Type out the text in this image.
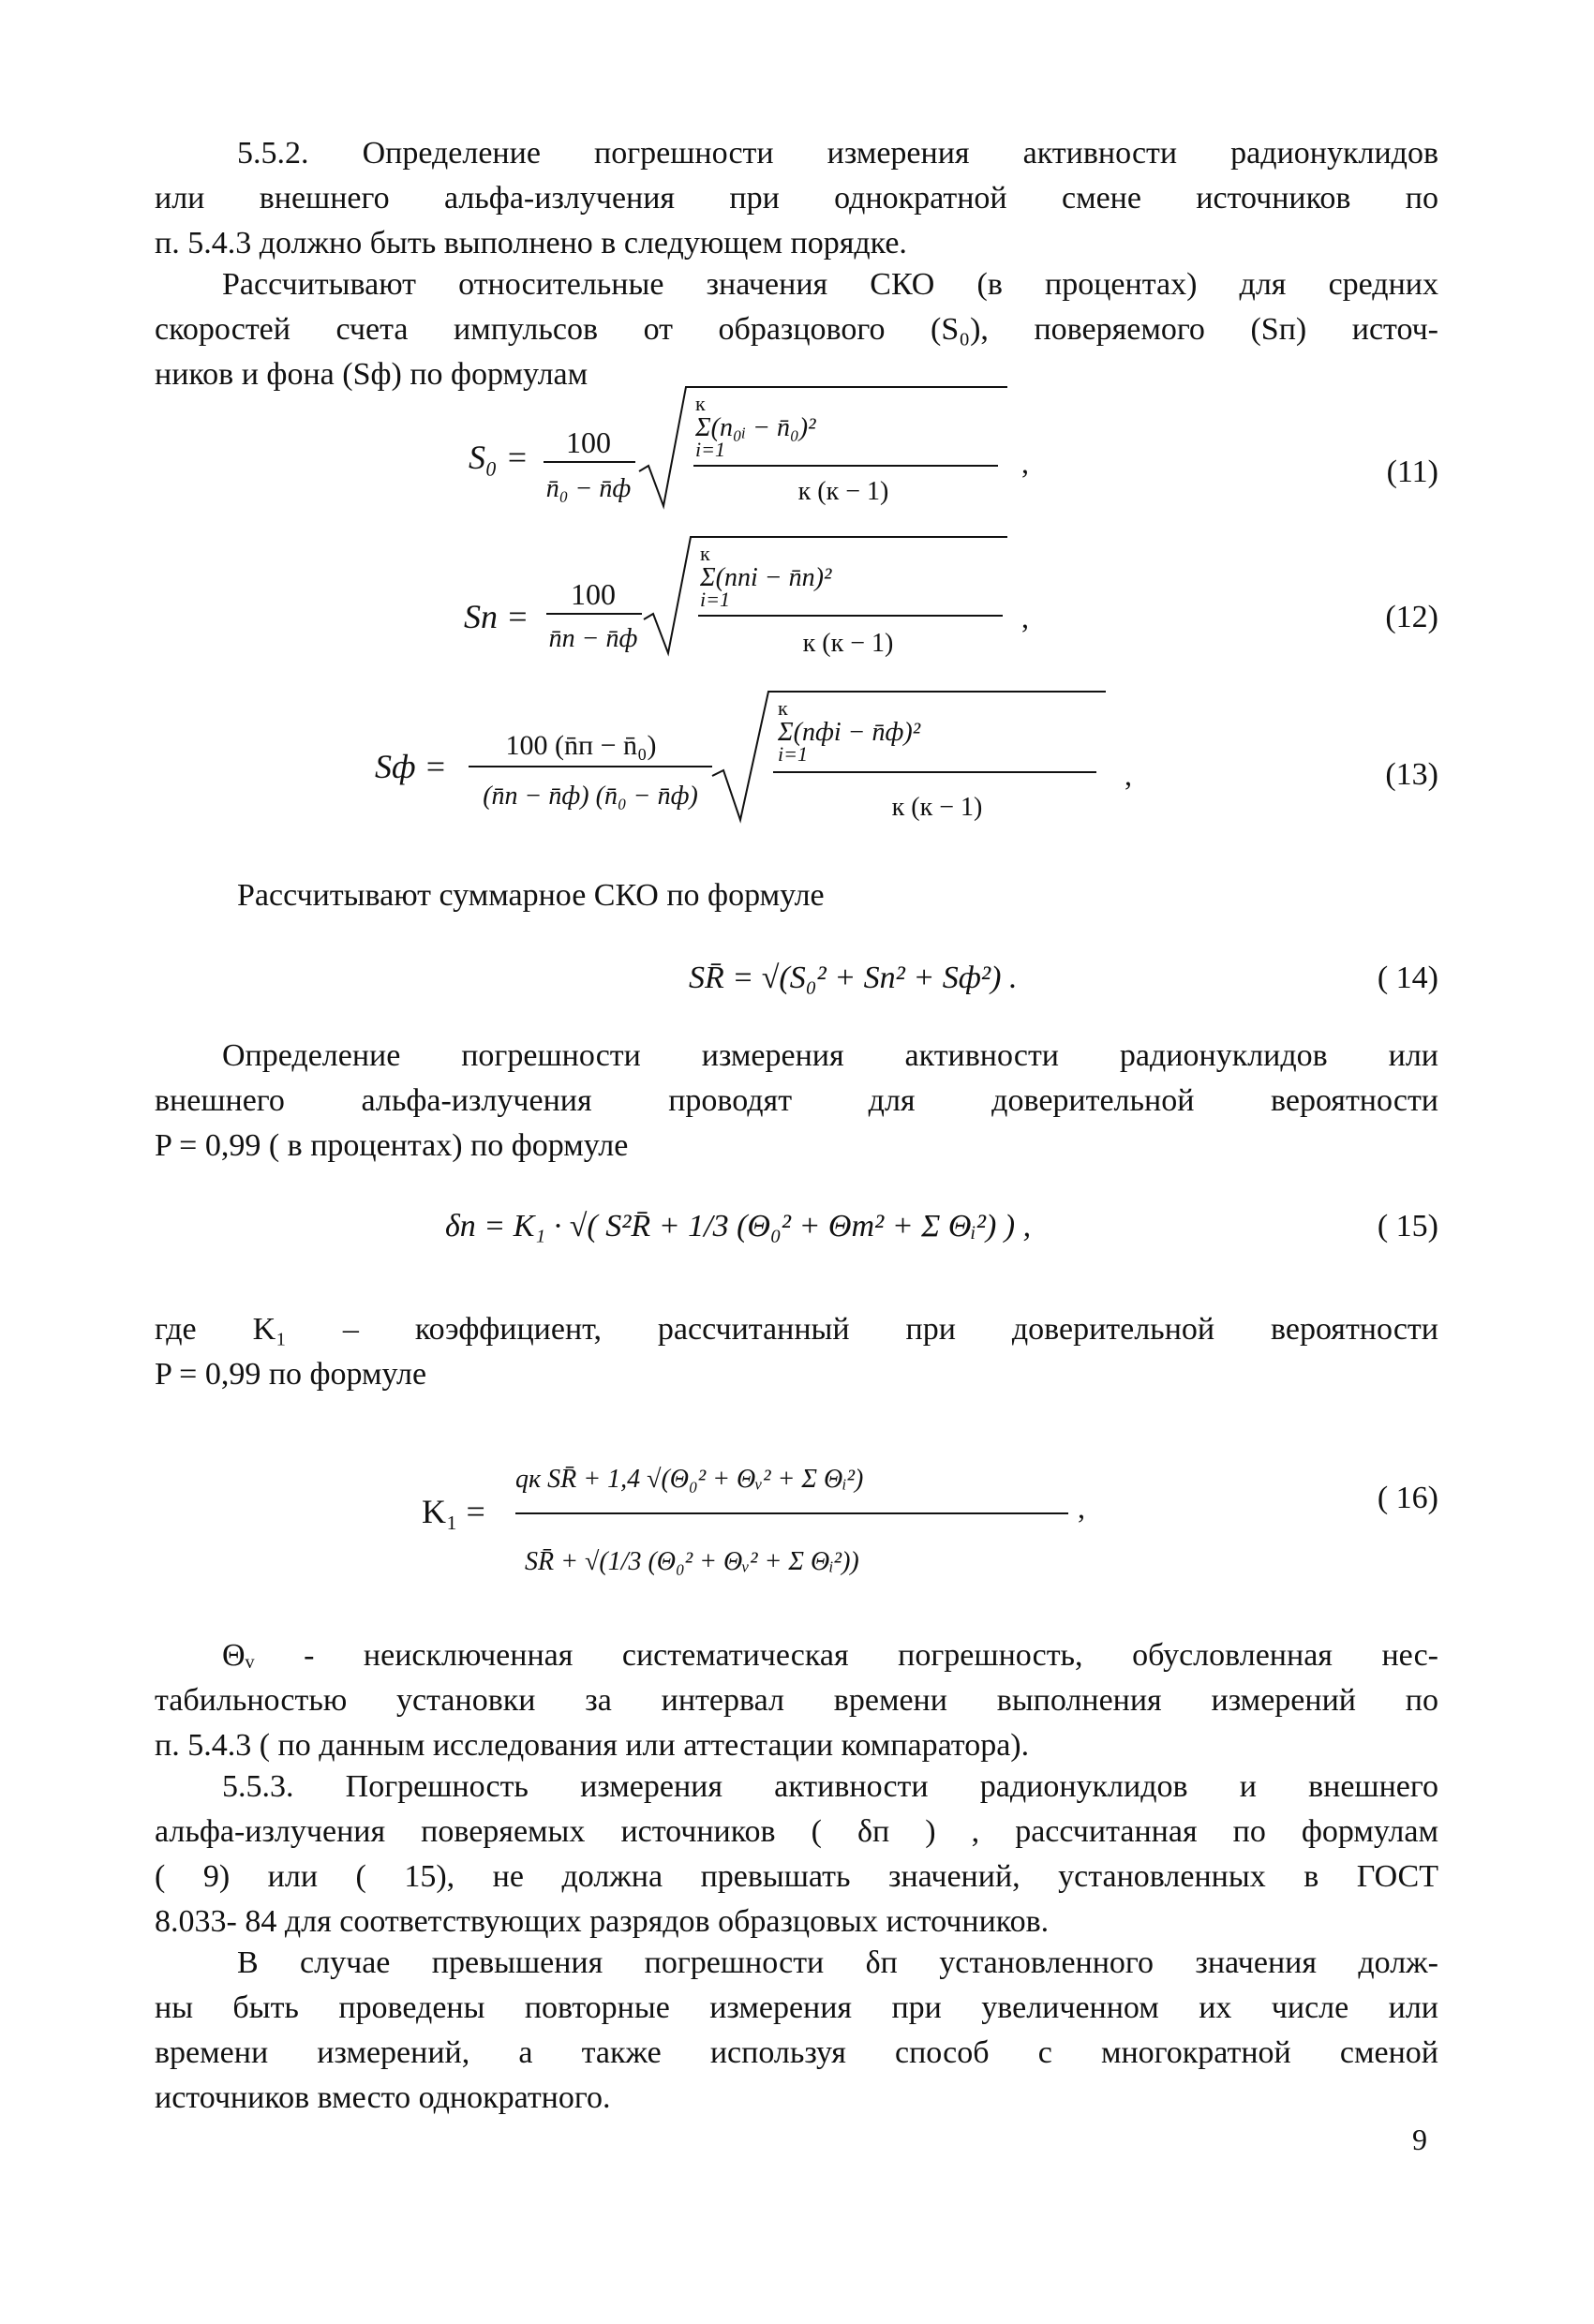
5.5.2. Определение погрешности измерения активности радионуклидов
или внешнего альфа-излучения при однократной смене источников по
п. 5.4.3 должно быть выполнено в следующем порядке.
Рассчитывают относительные значения СКО (в процентах) для средних
скоростей счета импульсов от образцового (S₀), поверяемого (Sп) источ-
ников и фона (Sф) по формулам
S₀ = 100
n̄₀ − n̄ф
к
Σ(n₀ᵢ − n̄₀)²
i=1
к (к − 1)
,	(11)
Sп =
100
n̄п − n̄ф
к
Σ(nпi − n̄п)²
i=1
к (к − 1)
,	(12)
Sф =
100 (n̄п − n̄₀)
(n̄п − n̄ф) (n̄₀ − n̄ф)
к
Σ(nфi − n̄ф)²
i=1
к (к − 1)
,	(13)
Рассчитывают суммарное СКО по формуле
SR̄ = √(S₀² + Sn² + Sф²) .	( 14)
Определение погрешности измерения активности радионуклидов или
внешнего альфа-излучения проводят для доверительной вероятности
P = 0,99 ( в процентах) по формуле
δn = K₁ · √( S²R̄ + 1/3 (Θ₀² + Θт² + Σ Θᵢ²) ) ,	( 15)
где K₁ – коэффициент, рассчитанный при доверительной вероятности
P = 0,99 по формуле
K₁ =
qк SR̄ + 1,4 √(Θ₀² + Θᵥ² + Σ Θᵢ²)
SR̄ + √(1/3 (Θ₀² + Θᵥ² + Σ Θᵢ²))
,	( 16)
Θᵥ - неисключенная систематическая погрешность, обусловленная нес-
табильностью установки за интервал времени выполнения измерений по
п. 5.4.3 ( по данным исследования или аттестации компаратора).
5.5.3. Погрешность измерения активности радионуклидов и внешнего
альфа-излучения поверяемых источников ( δп ) , рассчитанная по формулам
( 9) или ( 15), не должна превышать значений, установленных в ГОСТ
8.033- 84 для соответствующих разрядов образцовых источников.
В случае превышения погрешности δп установленного значения долж-
ны быть проведены повторные измерения при увеличенном их числе или
времени измерений, а также используя способ с многократной сменой
источников вместо однократного.
9
